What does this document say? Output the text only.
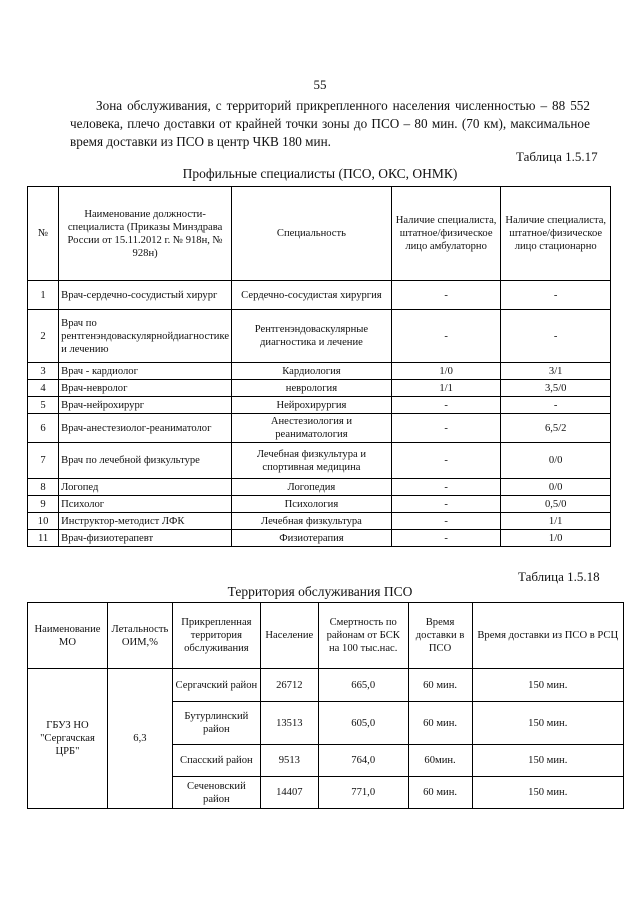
55
Зона обслуживания, с территорий прикрепленного населения численностью – 88 552 человека, плечо доставки от крайней точки зоны до ПСО – 80 мин. (70 км), максимальное время доставки из ПСО в центр ЧКВ 180 мин.
Таблица 1.5.17
Профильные специалисты (ПСО, ОКС, ОНМК)
№	Наименование должности-специалиста (Приказы Минздрава России от 15.11.2012 г. № 918н, № 928н)	Специальность	Наличие специалиста, штатное/физическое лицо амбулаторно	Наличие специалиста, штатное/физическое лицо стационарно
1	Врач-сердечно-сосудистый хирург	Сердечно-сосудистая хирургия	-	-
2	Врач по рентгенэндоваскулярнойдиагностике и лечению	Рентгенэндоваскулярные диагностика и лечение	-	-
3	Врач - кардиолог	Кардиология	1/0	3/1
4	Врач-невролог	неврология	1/1	3,5/0
5	Врач-нейрохирург	Нейрохирургия	-	-
6	Врач-анестезиолог-реаниматолог	Анестезиология и реаниматология	-	6,5/2
7	Врач по лечебной физкультуре	Лечебная физкультура и спортивная медицина	-	0/0
8	Логопед	Логопедия	-	0/0
9	Психолог	Психология	-	0,5/0
10	Инструктор-методист ЛФК	Лечебная физкультура	-	1/1
11	Врач-физиотерапевт	Физиотерапия	-	1/0
Таблица 1.5.18
Территория обслуживания ПСО
Наименование МО	Летальность ОИМ,%	Прикрепленная территория обслуживания	Население	Смертность по районам от БСК на 100 тыс.нас.	Время доставки в ПСО	Время доставки из ПСО в РСЦ
ГБУЗ НО "Сергачская ЦРБ"	6,3	Сергачский район	26712	665,0	60 мин.	150 мин.
		Бутурлинский район	13513	605,0	60 мин.	150 мин.
		Спасский район	9513	764,0	60мин.	150 мин.
		Сеченовский район	14407	771,0	60 мин.	150 мин.
